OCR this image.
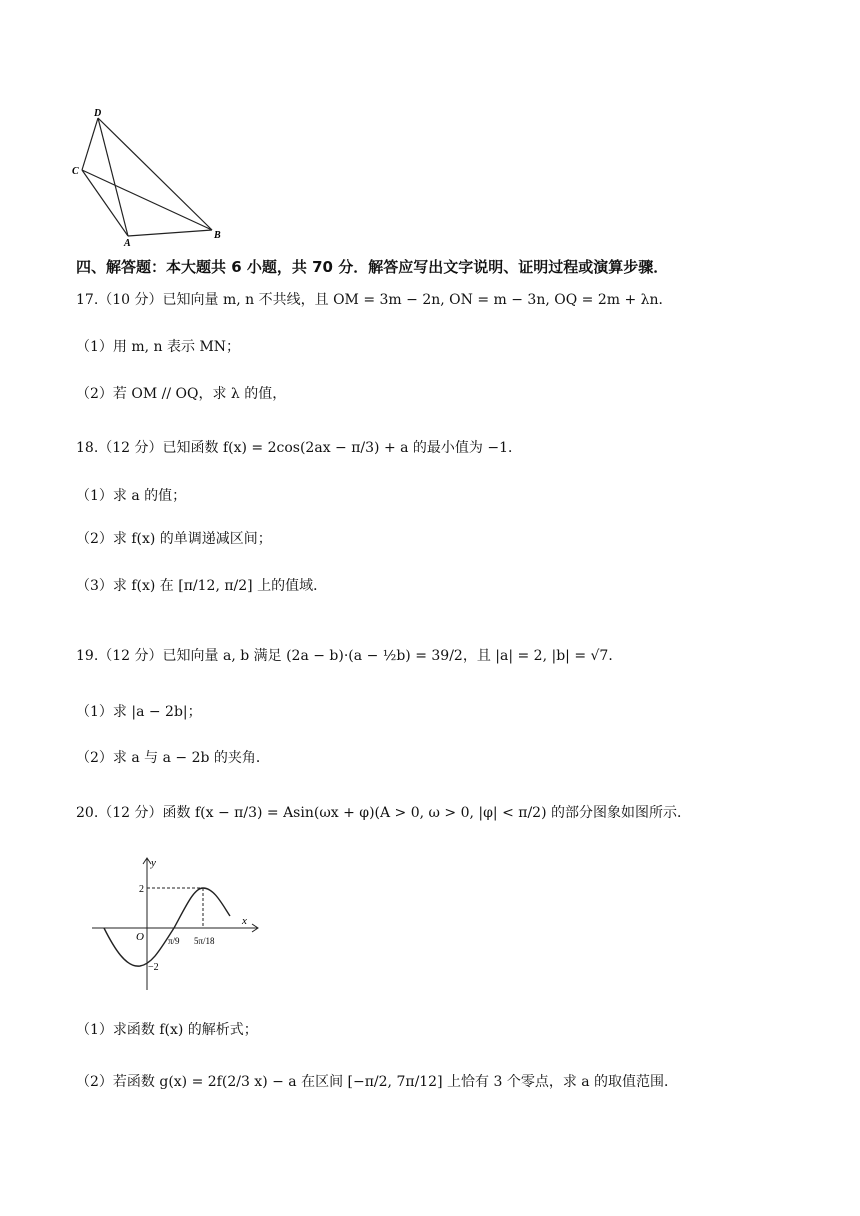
D
C
A
B
四、解答题：本大题共 6 小题，共 70 分．解答应写出文字说明、证明过程或演算步骤．
17.（10 分）已知向量 m, n 不共线，且 OM = 3m − 2n, ON = m − 3n, OQ = 2m + λn．
（1）用 m, n 表示 MN；
（2）若 OM // OQ，求 λ 的值，
18.（12 分）已知函数 f(x) = 2cos(2ax − π/3) + a 的最小值为 −1．
（1）求 a 的值；
（2）求 f(x) 的单调递减区间；
（3）求 f(x) 在 [π/12, π/2] 上的值域．
19.（12 分）已知向量 a, b 满足 (2a − b)·(a − ½b) = 39/2，且 |a| = 2, |b| = √7．
（1）求 |a − 2b|；
（2）求 a 与 a − 2b 的夹角．
20.（12 分）函数 f(x − π/3) = Asin(ωx + φ)(A > 0, ω > 0, |φ| < π/2) 的部分图象如图所示．
y
x
O
2
−2
π/9 5π/18
（1）求函数 f(x) 的解析式；
（2）若函数 g(x) = 2f(2/3 x) − a 在区间 [−π/2, 7π/12] 上恰有 3 个零点，求 a 的取值范围．
